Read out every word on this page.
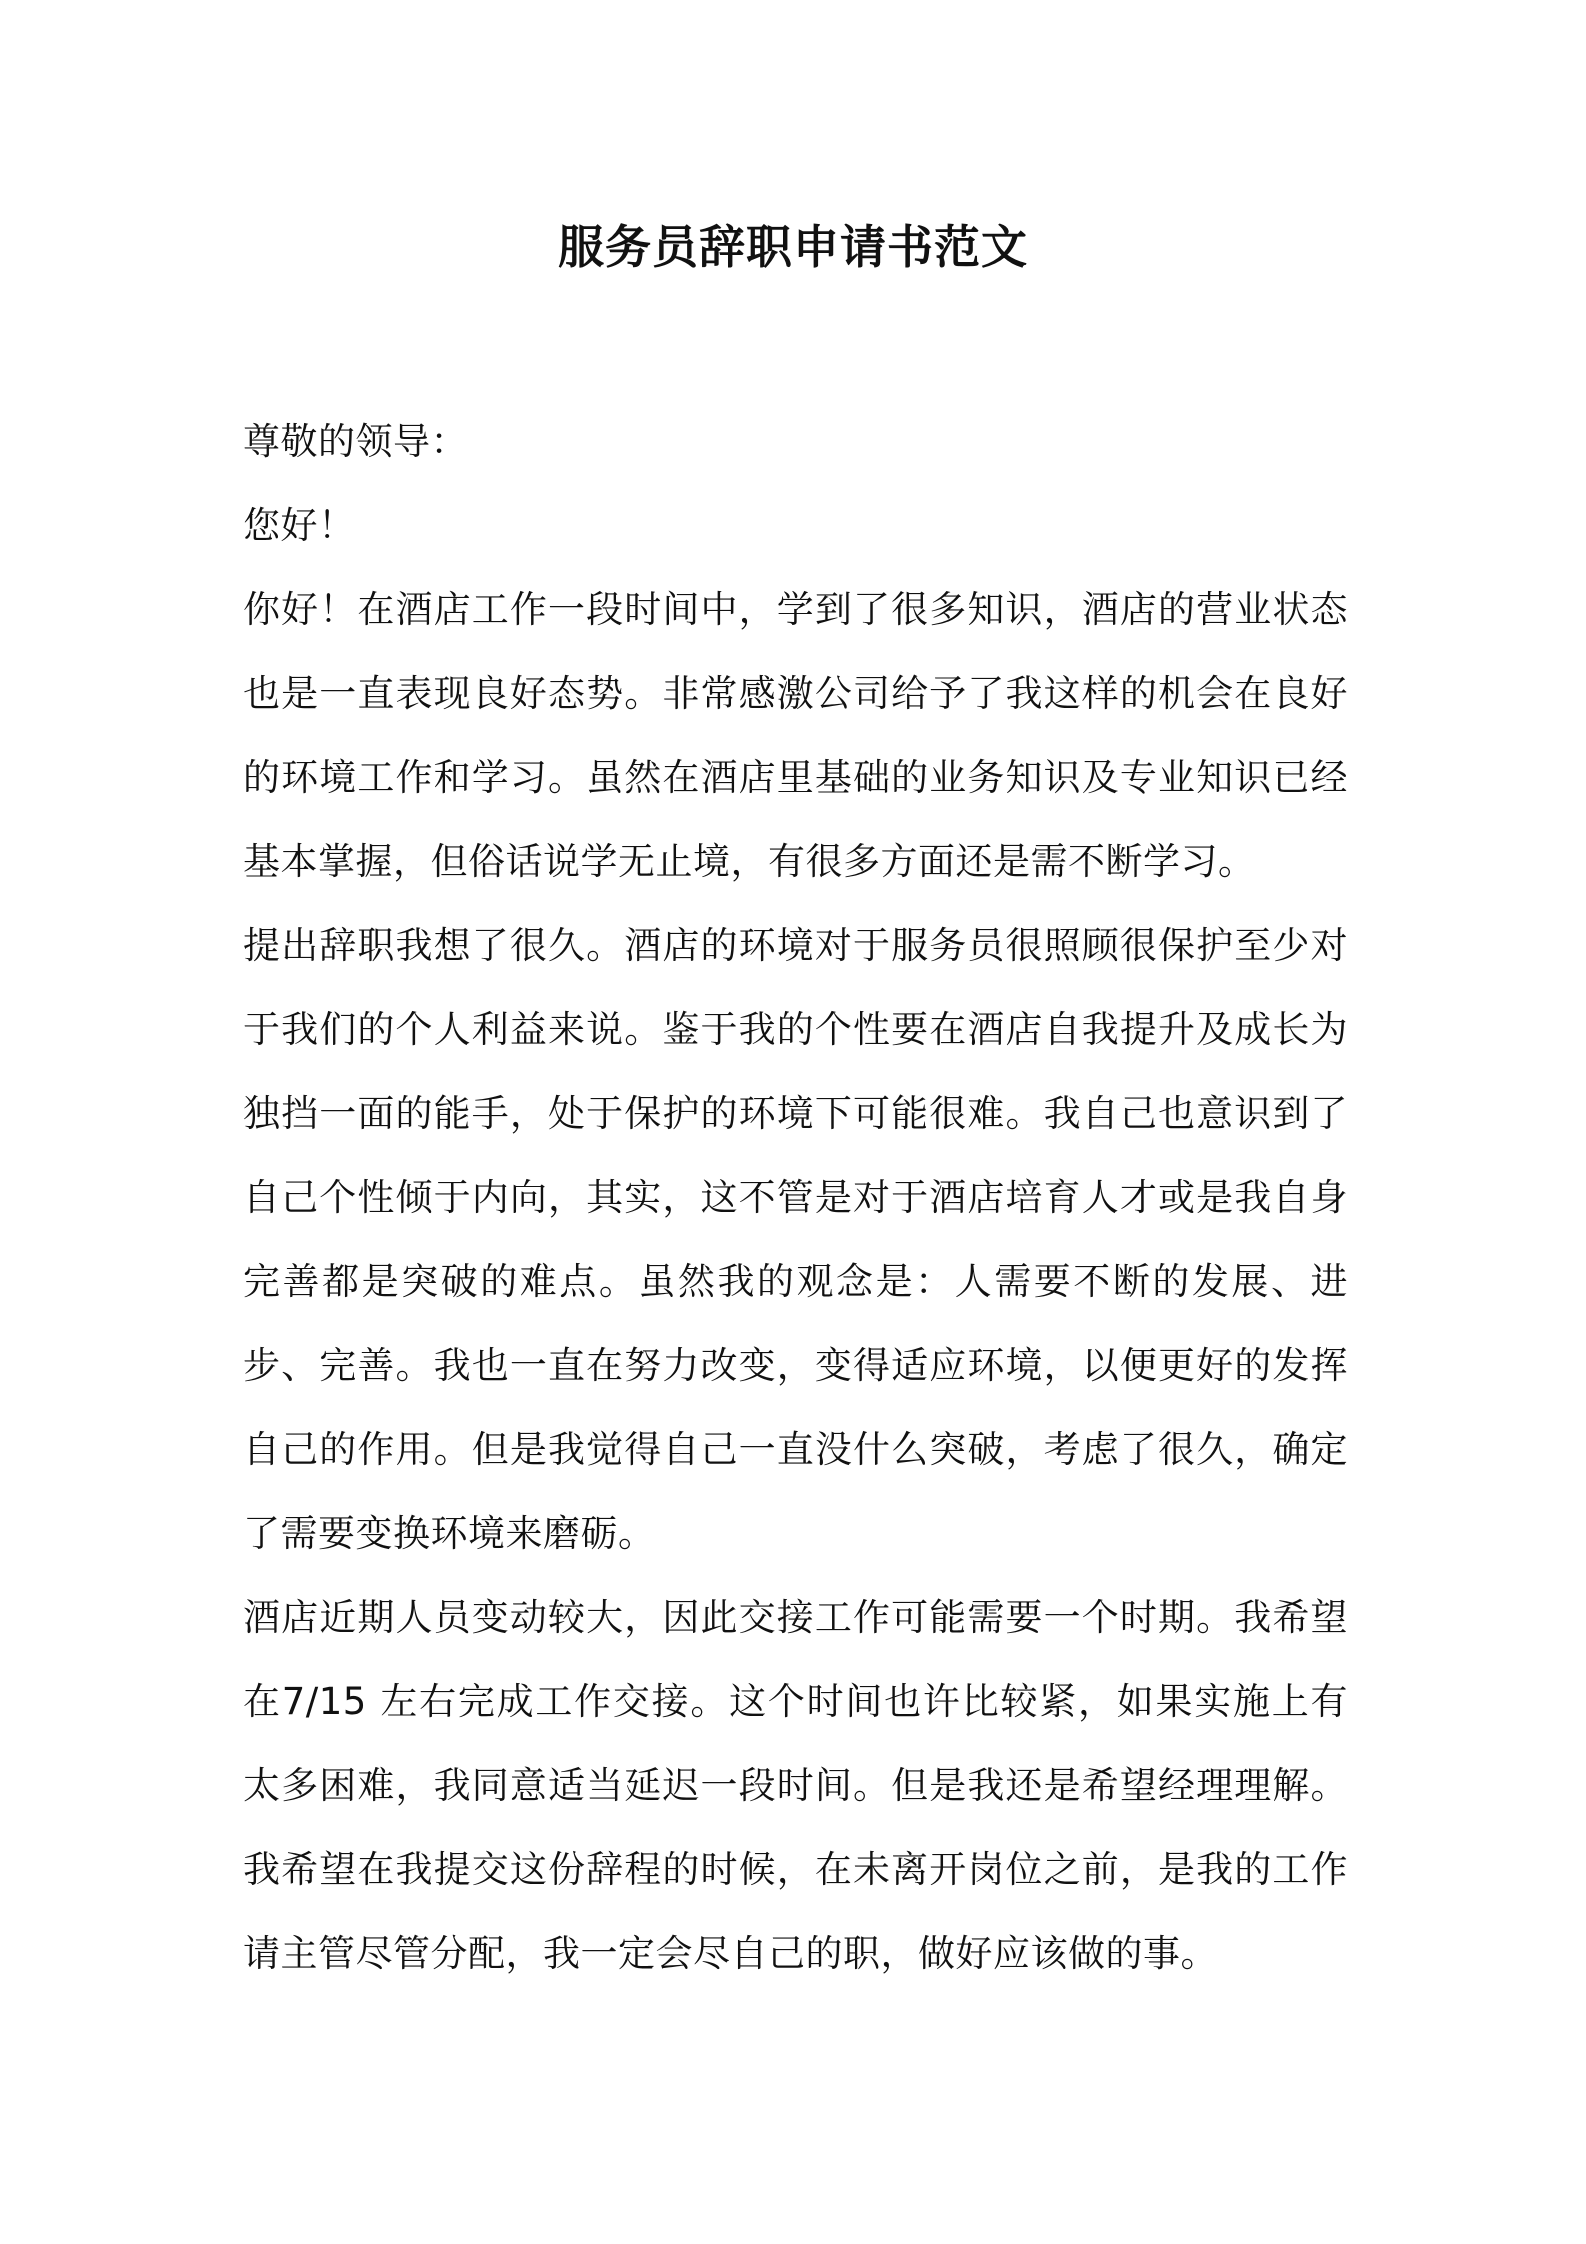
服务员辞职申请书范文

尊敬的领导：

您好！

你好！在酒店工作一段时间中，学到了很多知识，酒店的营业状态也是一直表现良好态势。非常感激公司给予了我这样的机会在良好的环境工作和学习。虽然在酒店里基础的业务知识及专业知识已经基本掌握，但俗话说学无止境，有很多方面还是需不断学习。

提出辞职我想了很久。酒店的环境对于服务员很照顾很保护至少对于我们的个人利益来说。鉴于我的个性要在酒店自我提升及成长为独挡一面的能手，处于保护的环境下可能很难。我自己也意识到了自己个性倾于内向，其实，这不管是对于酒店培育人才或是我自身完善都是突破的难点。虽然我的观念是：人需要不断的发展、进步、完善。我也一直在努力改变，变得适应环境，以便更好的发挥自己的作用。但是我觉得自己一直没什么突破，考虑了很久，确定了需要变换环境来磨砺。

酒店近期人员变动较大，因此交接工作可能需要一个时期。我希望在7/15 左右完成工作交接。这个时间也许比较紧，如果实施上有太多困难，我同意适当延迟一段时间。但是我还是希望经理理解。我希望在我提交这份辞程的时候，在未离开岗位之前，是我的工作请主管尽管分配，我一定会尽自己的职，做好应该做的事。
